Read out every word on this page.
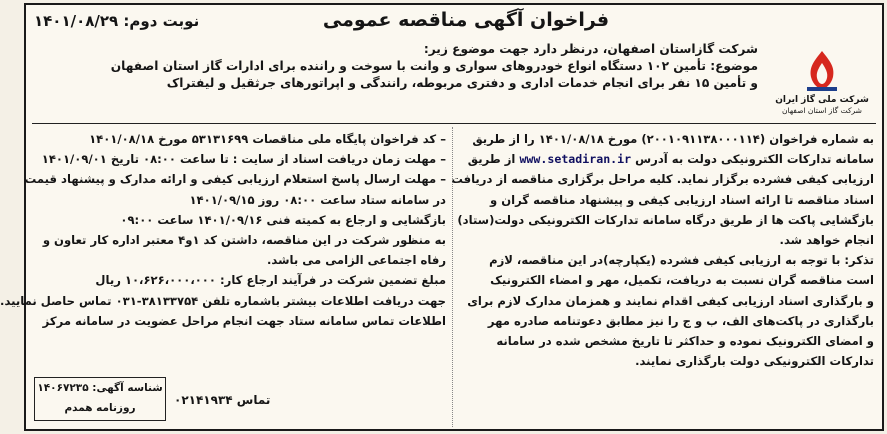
فراخوان آگهی مناقصه عمومی
نوبت دوم: ۱۴۰۱/۰۸/۲۹
شرکت ملی گاز ایران
شرکت گاز استان اصفهان

شرکت گازاستان اصفهان، درنظر دارد جهت موضوع زیر:

موضوع: تأمین ۱۰۲ دستگاه انواع خودروهای سواری و وانت با سوخت و راننده برای ادارات گاز استان اصفهان

و تأمین ۱۵ نفر برای انجام خدمات اداری و دفتری مربوطه، رانندگی و اپراتورهای جرثقیل و لیفتراک

به شماره فراخوان (۲۰۰۱۰۹۱۱۳۸۰۰۰۱۱۴) مورخ ۱۴۰۱/۰۸/۱۸ را از طریق

سامانه تدارکات الکترونیکی دولت به آدرس www.setadiran.ir از طریق

ارزیابی کیفی فشرده برگزار نماید. کلیه مراحل برگزاری مناقصه از دریافت

اسناد مناقصه تا ارائه اسناد ارزیابی کیفی و پیشنهاد مناقصه گران و

بازگشایی پاکت ها از طریق درگاه سامانه تدارکات الکترونیکی دولت(ستاد)

انجام خواهد شد.

تذکر: با توجه به ارزیابی کیفی فشرده (یکپارچه)در این مناقصه، لازم

است مناقصه گران نسبت به دریافت، تکمیل، مهر و امضاء الکترونیک

و بارگذاری اسناد ارزیابی کیفی اقدام نمایند و همزمان مدارک لازم برای

بارگذاری در پاکت‌های الف، ب و ج را نیز مطابق دعوتنامه صادره مهر

و امضای الکترونیک نموده و حداکثر تا تاریخ مشخص شده در سامانه

تدارکات الکترونیکی دولت بارگذاری نمایند.

– کد فراخوان پایگاه ملی مناقصات ۵۳۱۳۱۶۹۹ مورخ ۱۴۰۱/۰۸/۱۸

– مهلت زمان دریافت اسناد از سایت : تا ساعت ۰۸:۰۰ تاریخ ۱۴۰۱/۰۹/۰۱

– مهلت ارسال پاسخ استعلام ارزیابی کیفی و ارائه مدارک و پیشنهاد قیمت

در سامانه ستاد ساعت ۰۸:۰۰ روز ۱۴۰۱/۰۹/۱۵

بازگشایی و ارجاع به کمیته فنی ۱۴۰۱/۰۹/۱۶ ساعت ۰۹:۰۰

به منظور شرکت در این مناقصه، داشتن کد ۱و۴ معتبر اداره کار تعاون و

رفاه اجتماعی الزامی می باشد.

مبلغ تضمین شرکت در فرآیند ارجاع کار: ۱۰،۶۲۶،۰۰۰،۰۰۰ ریال

جهت دریافت اطلاعات بیشتر باشماره تلفن ۳۸۱۳۳۷۵۴-۰۳۱ تماس حاصل نمایید.

اطلاعات تماس سامانه ستاد جهت انجام مراحل عضویت در سامانه مرکز

تماس ۰۲۱۴۱۹۳۴
شناسه آگهی: ۱۴۰۶۷۲۳۵
روزنامه همدم
